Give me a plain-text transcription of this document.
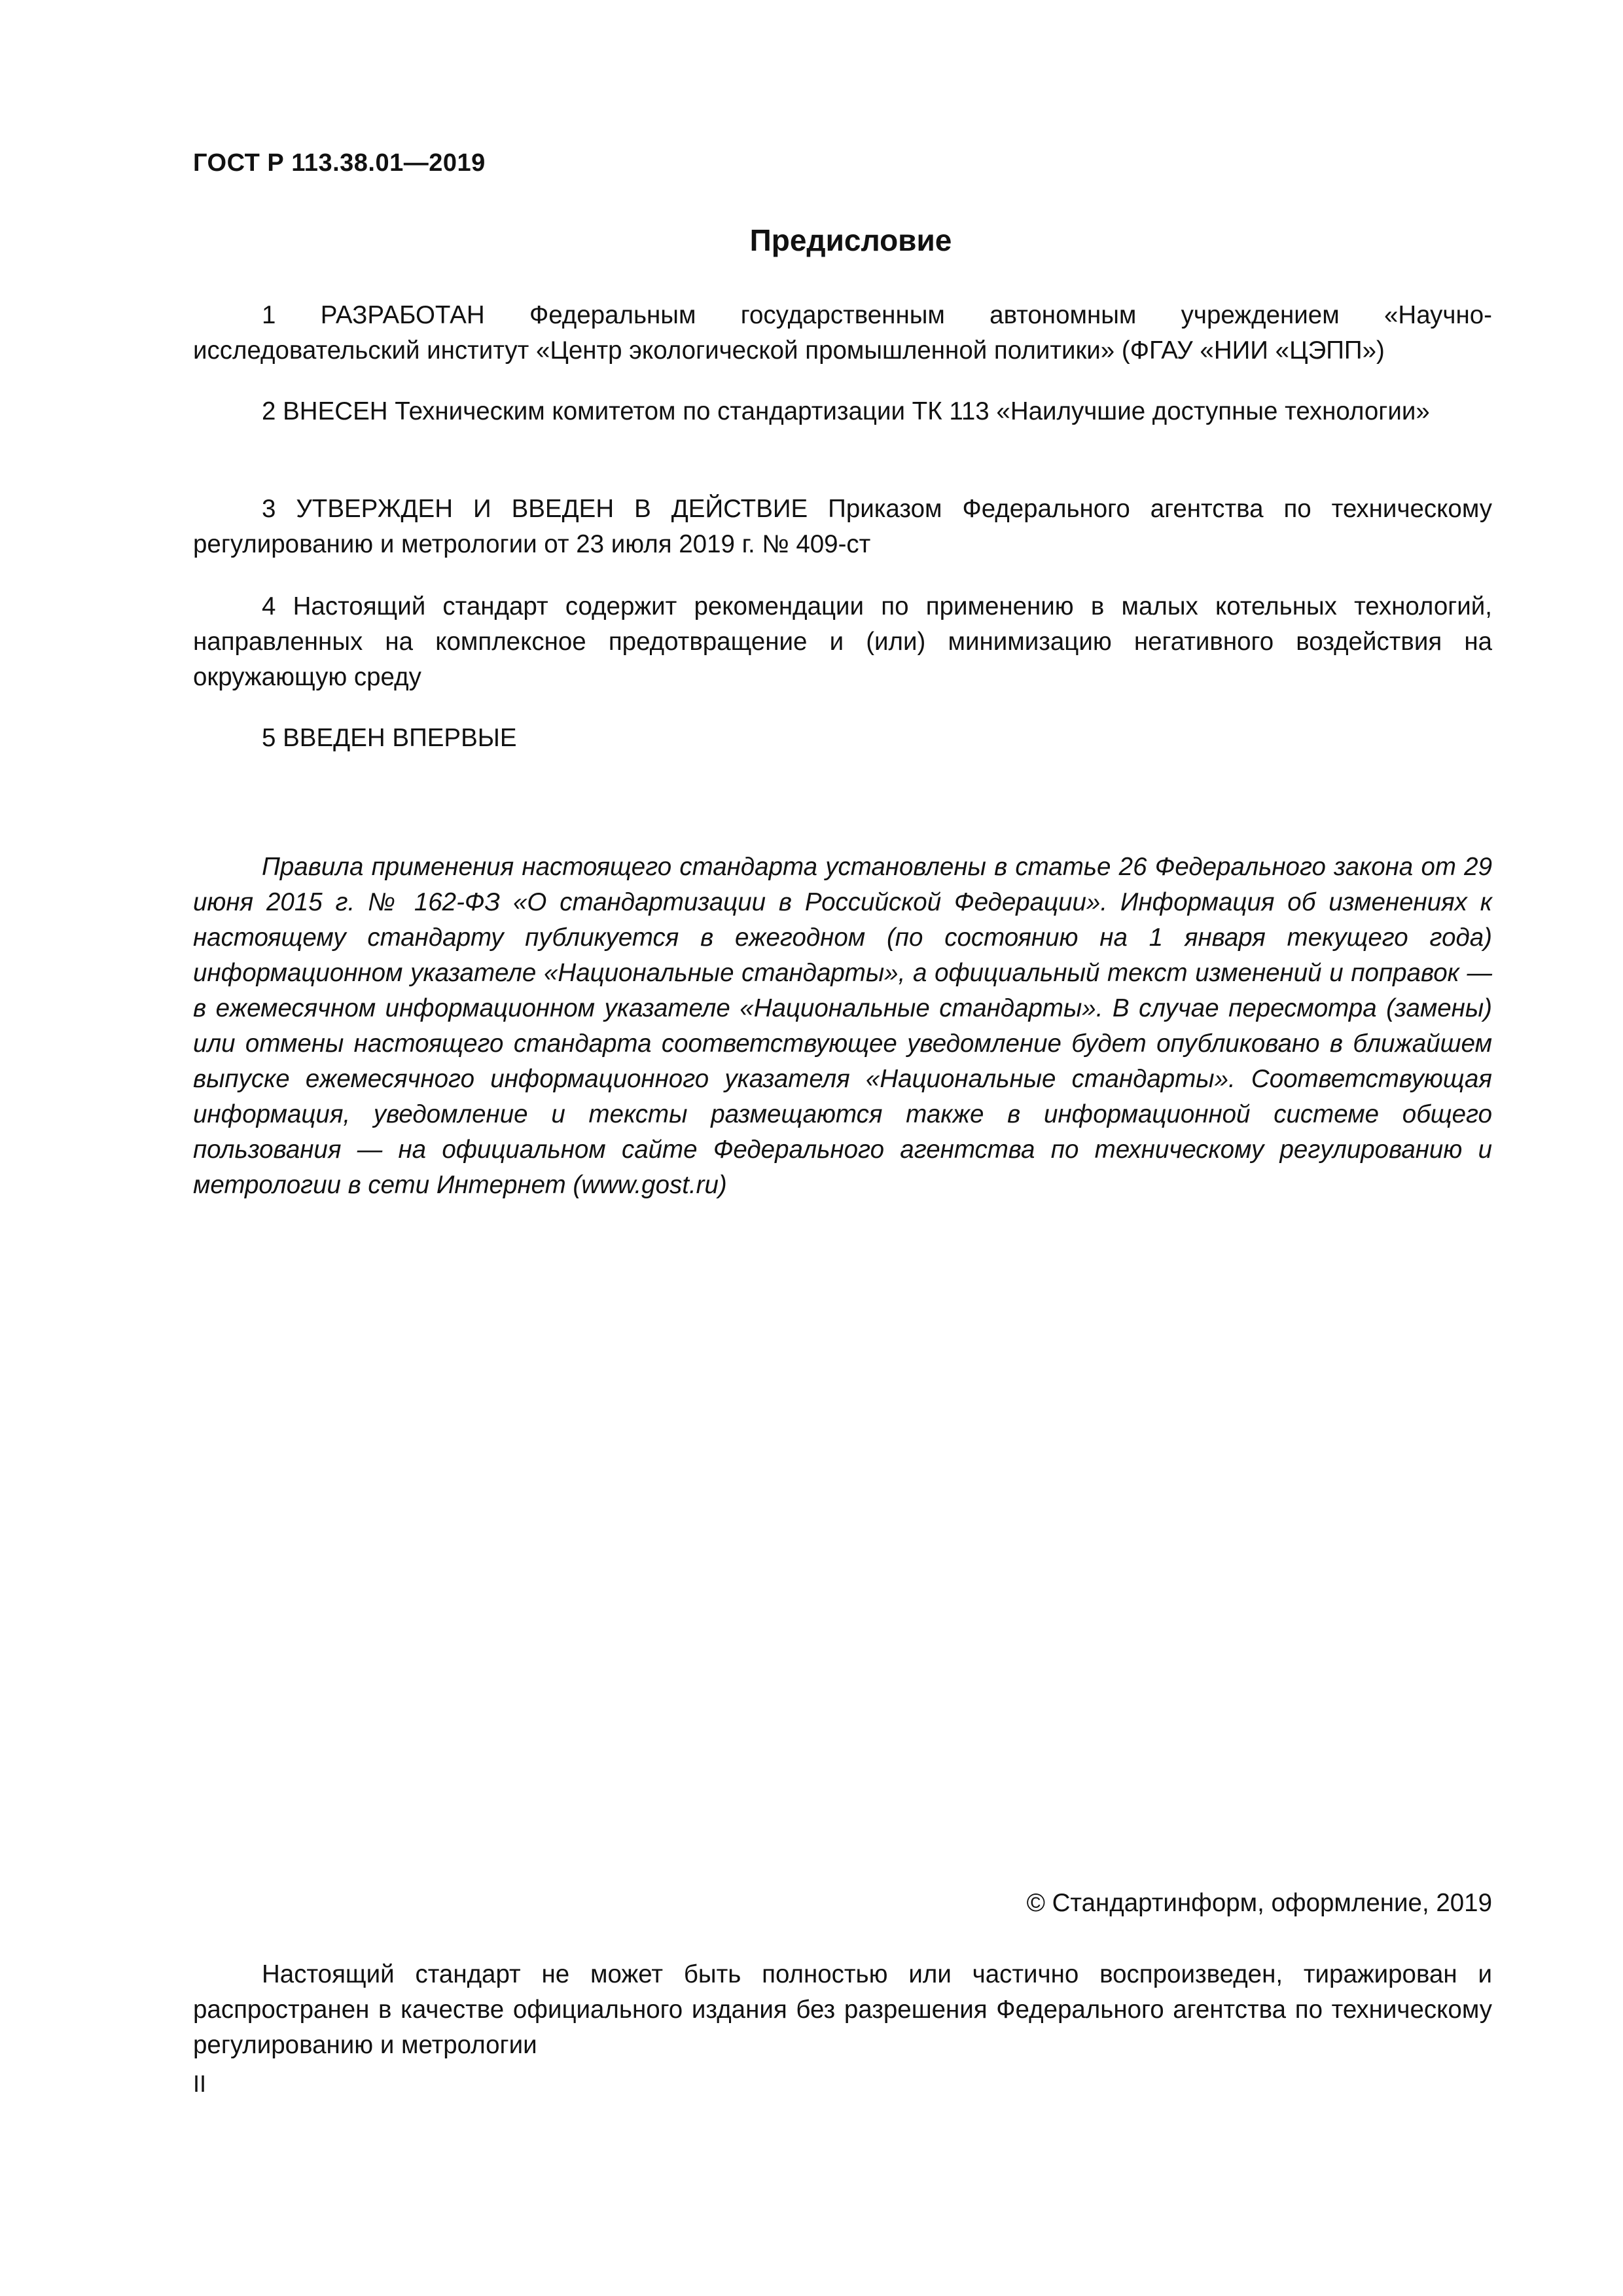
ГОСТ Р 113.38.01—2019
Предисловие

1 РАЗРАБОТАН Федеральным государственным автономным учреждением «Научно-исследовательский институт «Центр экологической промышленной политики» (ФГАУ «НИИ «ЦЭПП»)

2 ВНЕСЕН Техническим комитетом по стандартизации ТК 113 «Наилучшие доступные технологии»

3 УТВЕРЖДЕН И ВВЕДЕН В ДЕЙСТВИЕ Приказом Федерального агентства по техническому регулированию и метрологии от 23 июля 2019 г. № 409-ст

4 Настоящий стандарт содержит рекомендации по применению в малых котельных технологий, направленных на комплексное предотвращение и (или) минимизацию негативного воздействия на окружающую среду

5 ВВЕДЕН ВПЕРВЫЕ

Правила применения настоящего стандарта установлены в статье 26 Федерального закона от 29 июня 2015 г. № 162-ФЗ «О стандартизации в Российской Федерации». Информация об изменениях к настоящему стандарту публикуется в ежегодном (по состоянию на 1 января текущего года) информационном указателе «Национальные стандарты», а официальный текст изменений и поправок — в ежемесячном информационном указателе «Национальные стандарты». В случае пересмотра (замены) или отмены настоящего стандарта соответствующее уведомление будет опубликовано в ближайшем выпуске ежемесячного информационного указателя «Национальные стандарты». Соответствующая информация, уведомление и тексты размещаются также в информационной системе общего пользования — на официальном сайте Федерального агентства по техническому регулированию и метрологии в сети Интернет (www.gost.ru)

© Стандартинформ, оформление, 2019

Настоящий стандарт не может быть полностью или частично воспроизведен, тиражирован и распространен в качестве официального издания без разрешения Федерального агентства по техническому регулированию и метрологии

II
